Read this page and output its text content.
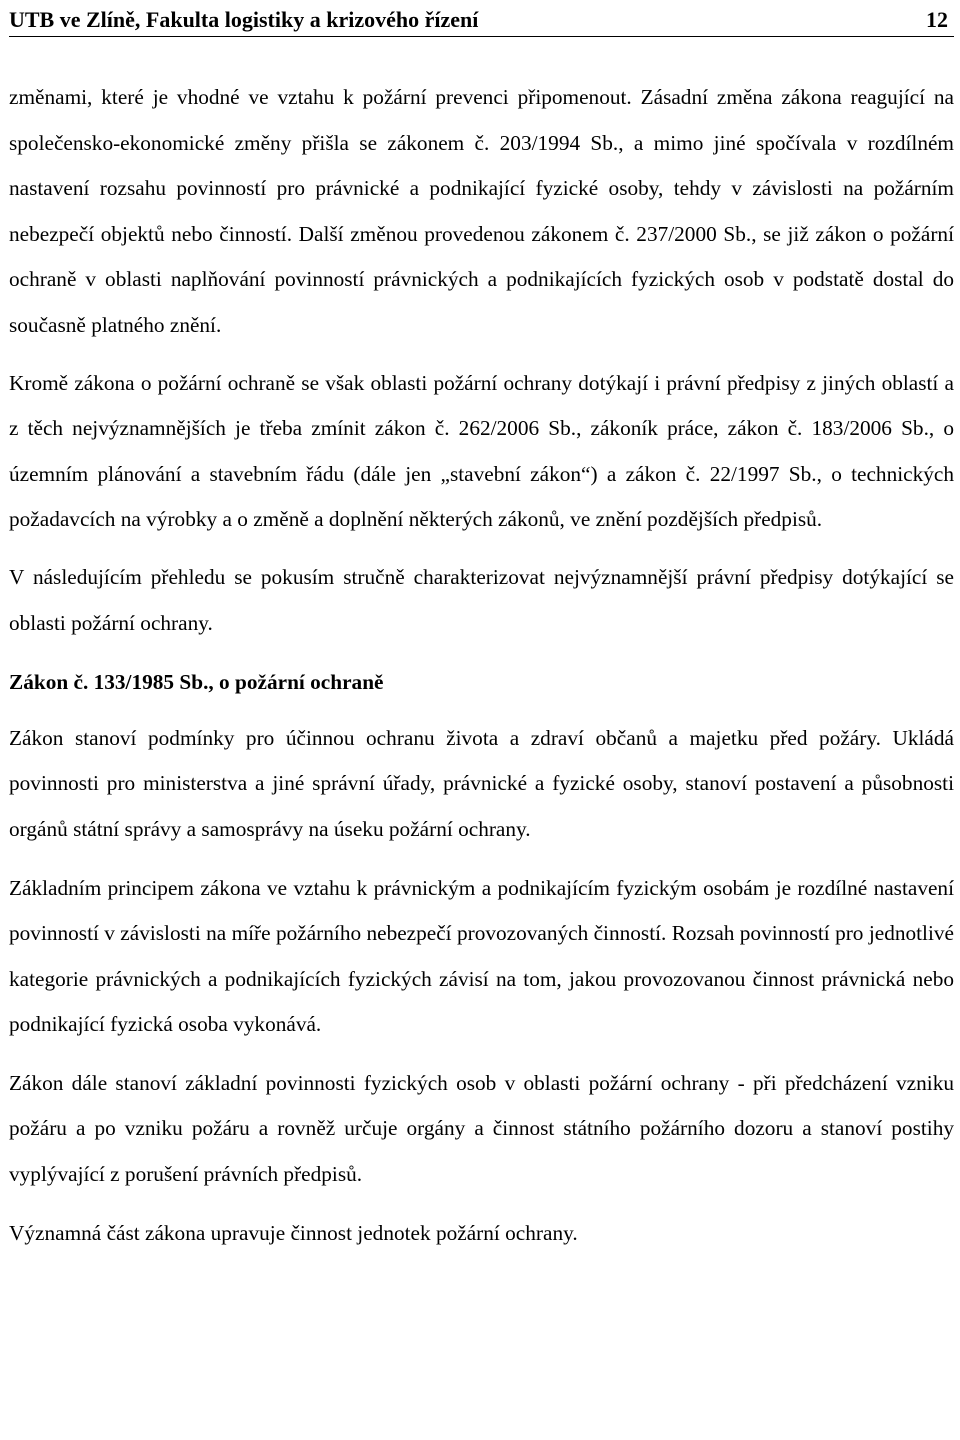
UTB ve Zlíně, Fakulta logistiky a krizového řízení	12

změnami, které je vhodné ve vztahu k požární prevenci připomenout. Zásadní změna zákona reagující na společensko-ekonomické změny přišla se zákonem č. 203/1994 Sb., a mimo jiné spočívala v rozdílném nastavení rozsahu povinností pro právnické a podnikající fyzické osoby, tehdy v závislosti na požárním nebezpečí objektů nebo činností. Další změnou provedenou zákonem č. 237/2000 Sb., se již zákon o požární ochraně v oblasti naplňování povinností právnických a podnikajících fyzických osob v podstatě dostal do současně platného znění.

Kromě zákona o požární ochraně se však oblasti požární ochrany dotýkají i právní předpisy z jiných oblastí a z těch nejvýznamnějších je třeba zmínit zákon č. 262/2006 Sb., zákoník práce, zákon č. 183/2006 Sb., o územním plánování a stavebním řádu (dále jen „stavební zákon“) a zákon č. 22/1997 Sb., o technických požadavcích na výrobky a o změně a doplnění některých zákonů, ve znění pozdějších předpisů.

V následujícím přehledu se pokusím stručně charakterizovat nejvýznamnější právní předpisy dotýkající se oblasti požární ochrany.

Zákon č. 133/1985 Sb., o požární ochraně

Zákon stanoví podmínky pro účinnou ochranu života a zdraví občanů a majetku před požáry. Ukládá povinnosti pro ministerstva a jiné správní úřady, právnické a fyzické osoby, stanoví postavení a působnosti orgánů státní správy a samosprávy na úseku požární ochrany.

Základním principem zákona ve vztahu k právnickým a podnikajícím fyzickým osobám je rozdílné nastavení povinností v závislosti na míře požárního nebezpečí provozovaných činností. Rozsah povinností pro jednotlivé kategorie právnických a podnikajících fyzických závisí na tom, jakou provozovanou činnost právnická nebo podnikající fyzická osoba vykonává.

Zákon dále stanoví základní povinnosti fyzických osob v oblasti požární ochrany - při předcházení vzniku požáru a po vzniku požáru a rovněž určuje orgány a činnost státního požárního dozoru a stanoví postihy vyplývající z porušení právních předpisů.

Významná část zákona upravuje činnost jednotek požární ochrany.
